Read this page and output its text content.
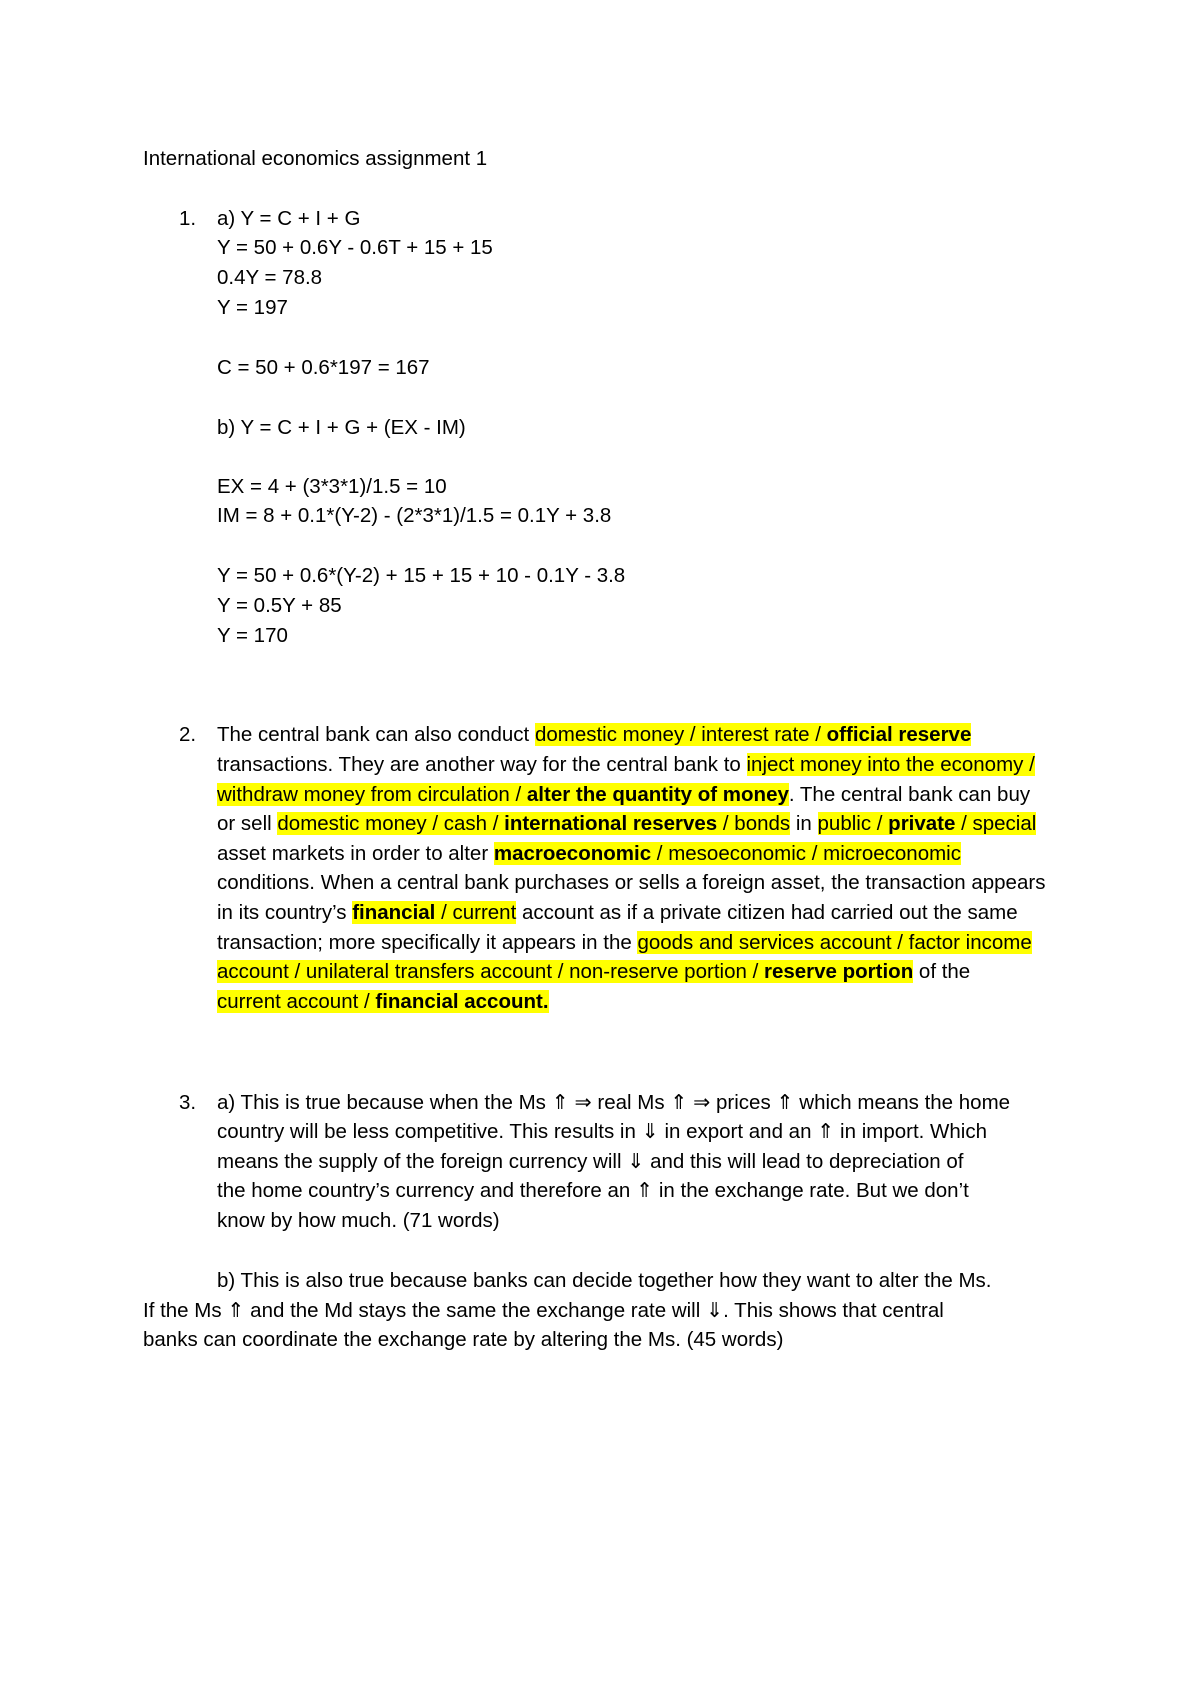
International economics assignment 1
1. a) Y = C + I + G
Y = 50 + 0.6Y - 0.6T + 15 + 15
0.4Y = 78.8
Y = 197
C = 50 + 0.6*197 = 167
b) Y = C + I + G + (EX - IM)
EX = 4 + (3*3*1)/1.5 = 10
IM = 8 + 0.1*(Y-2) - (2*3*1)/1.5 = 0.1Y + 3.8
Y = 50 + 0.6*(Y-2) + 15 + 15 + 10 - 0.1Y - 3.8
Y = 0.5Y + 85
Y = 170
2. The central bank can also conduct domestic money / interest rate / official reserve
transactions. They are another way for the central bank to inject money into the economy /
withdraw money from circulation / alter the quantity of money. The central bank can buy
or sell domestic money / cash / international reserves / bonds in public / private / special
asset markets in order to alter macroeconomic / mesoeconomic / microeconomic
conditions. When a central bank purchases or sells a foreign asset, the transaction appears
in its country’s financial / current account as if a private citizen had carried out the same
transaction; more specifically it appears in the goods and services account / factor income
account / unilateral transfers account / non-reserve portion / reserve portion of the
current account / financial account.
3. a) This is true because when the Ms ⇑ ⇒ real Ms ⇑ ⇒ prices ⇑ which means the home
country will be less competitive. This results in ⇓ in export and an ⇑ in import. Which
means the supply of the foreign currency will ⇓ and this will lead to depreciation of
the home country’s currency and therefore an ⇑ in the exchange rate. But we don’t
know by how much. (71 words)
b) This is also true because banks can decide together how they want to alter the Ms.
If the Ms ⇑ and the Md stays the same the exchange rate will ⇓. This shows that central
banks can coordinate the exchange rate by altering the Ms. (45 words)
